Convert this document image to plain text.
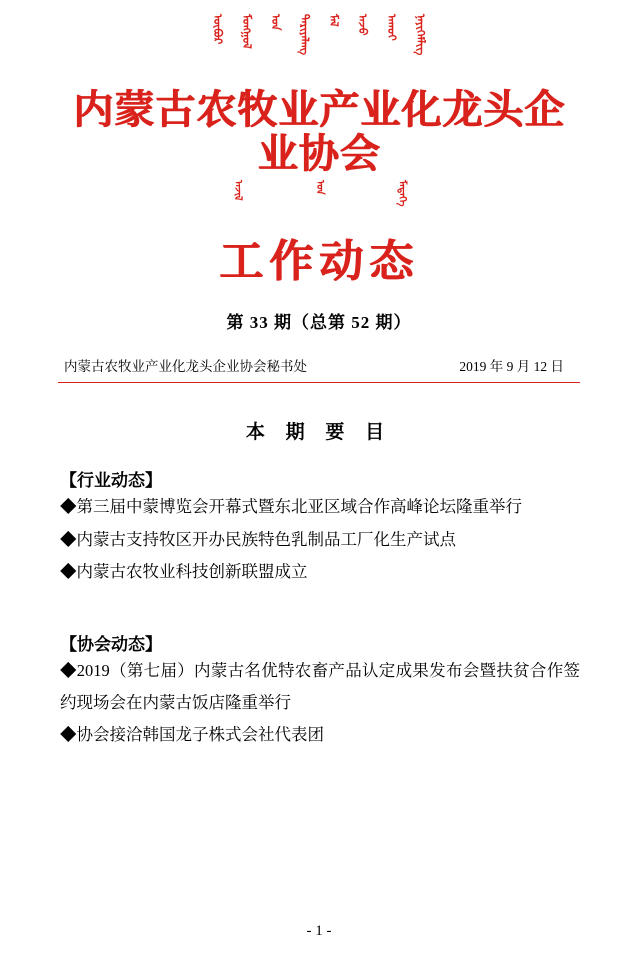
ᠥᠪᠥᠷ ᠮᠣᠩᠭᠣᠯ ᠤᠨ ᠲᠠᠷᠢᠶᠠᠯᠠᠩ ᠮᠠᠯ ᠠᠵᠤ ᠠᠬᠤᠢ ᠨᠡᠶᠢᠭᠡᠮᠯᠢᠭ
内蒙古农牧业产业化龙头企业协会
ᠠᠵᠢᠯ	ᠤᠨ	ᠮᠡᠳᠡᠭᠡ
工作动态
第 33 期（总第 52 期）
内蒙古农牧业产业化龙头企业协会秘书处	2019 年 9 月 12 日
本 期 要 目
【行业动态】
◆第三届中蒙博览会开幕式暨东北亚区域合作高峰论坛隆重举行
◆内蒙古支持牧区开办民族特色乳制品工厂化生产试点
◆内蒙古农牧业科技创新联盟成立
【协会动态】
◆2019（第七届）内蒙古名优特农畜产品认定成果发布会暨扶贫合作签约现场会在内蒙古饭店隆重举行
◆协会接洽韩国龙子株式会社代表团
- 1 -
